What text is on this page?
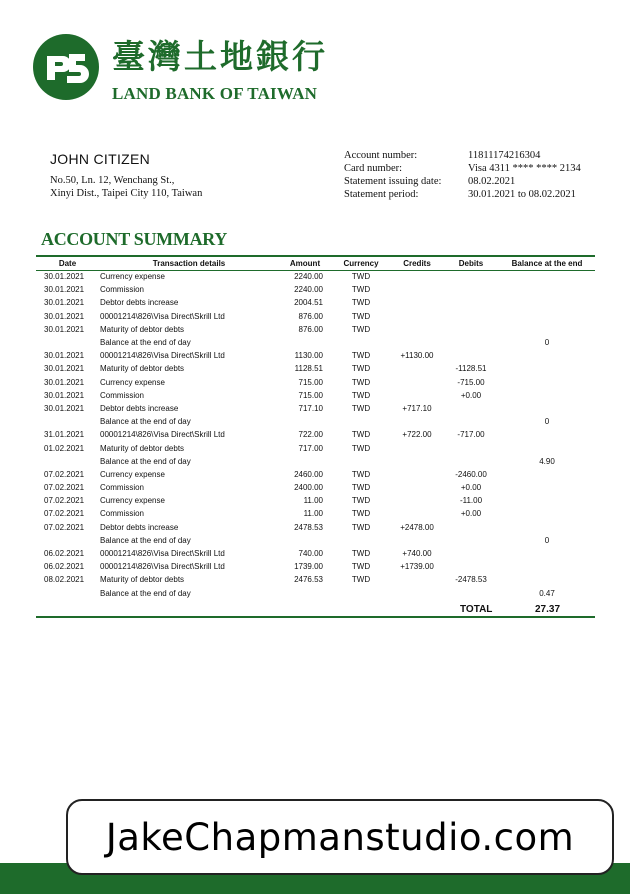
臺灣土地銀行
LAND BANK OF TAIWAN
JOHN CITIZEN
No.50, Ln. 12, Wenchang St.,
Xinyi Dist., Taipei City 110, Taiwan
Account number:	11811174216304
Card number:	Visa 4311 **** **** 2134
Statement issuing date:	08.02.2021
Statement period:	30.01.2021 to 08.02.2021
ACCOUNT SUMMARY
Date	Transaction details	Amount	Currency	Credits	Debits	Balance at the end
30.01.2021	Currency expense	2240.00	TWD			
30.01.2021	Commission	2240.00	TWD			
30.01.2021	Debtor debts increase	2004.51	TWD			
30.01.2021	00001214\826\Visa Direct\Skrill Ltd	876.00	TWD			
30.01.2021	Maturity of debtor debts	876.00	TWD			
	Balance at the end of day					0
30.01.2021	00001214\826\Visa Direct\Skrill Ltd	1130.00	TWD	+1130.00		
30.01.2021	Maturity of debtor debts	1128.51	TWD		-1128.51	
30.01.2021	Currency expense	715.00	TWD		-715.00	
30.01.2021	Commission	715.00	TWD		+0.00	
30.01.2021	Debtor debts increase	717.10	TWD	+717.10		
	Balance at the end of day					0
31.01.2021	00001214\826\Visa Direct\Skrill Ltd	722.00	TWD	+722.00	-717.00	
01.02.2021	Maturity of debtor debts	717.00	TWD			
	Balance at the end of day					4.90
07.02.2021	Currency expense	2460.00	TWD		-2460.00	
07.02.2021	Commission	2400.00	TWD		+0.00	
07.02.2021	Currency expense	11.00	TWD		-11.00	
07.02.2021	Commission	11.00	TWD		+0.00	
07.02.2021	Debtor debts increase	2478.53	TWD	+2478.00		
	Balance at the end of day					0
06.02.2021	00001214\826\Visa Direct\Skrill Ltd	740.00	TWD	+740.00		
06.02.2021	00001214\826\Visa Direct\Skrill Ltd	1739.00	TWD	+1739.00		
08.02.2021	Maturity of debtor debts	2476.53	TWD		-2478.53	
	Balance at the end of day					0.47
TOTAL	27.37
JakeChapmanstudio.com
